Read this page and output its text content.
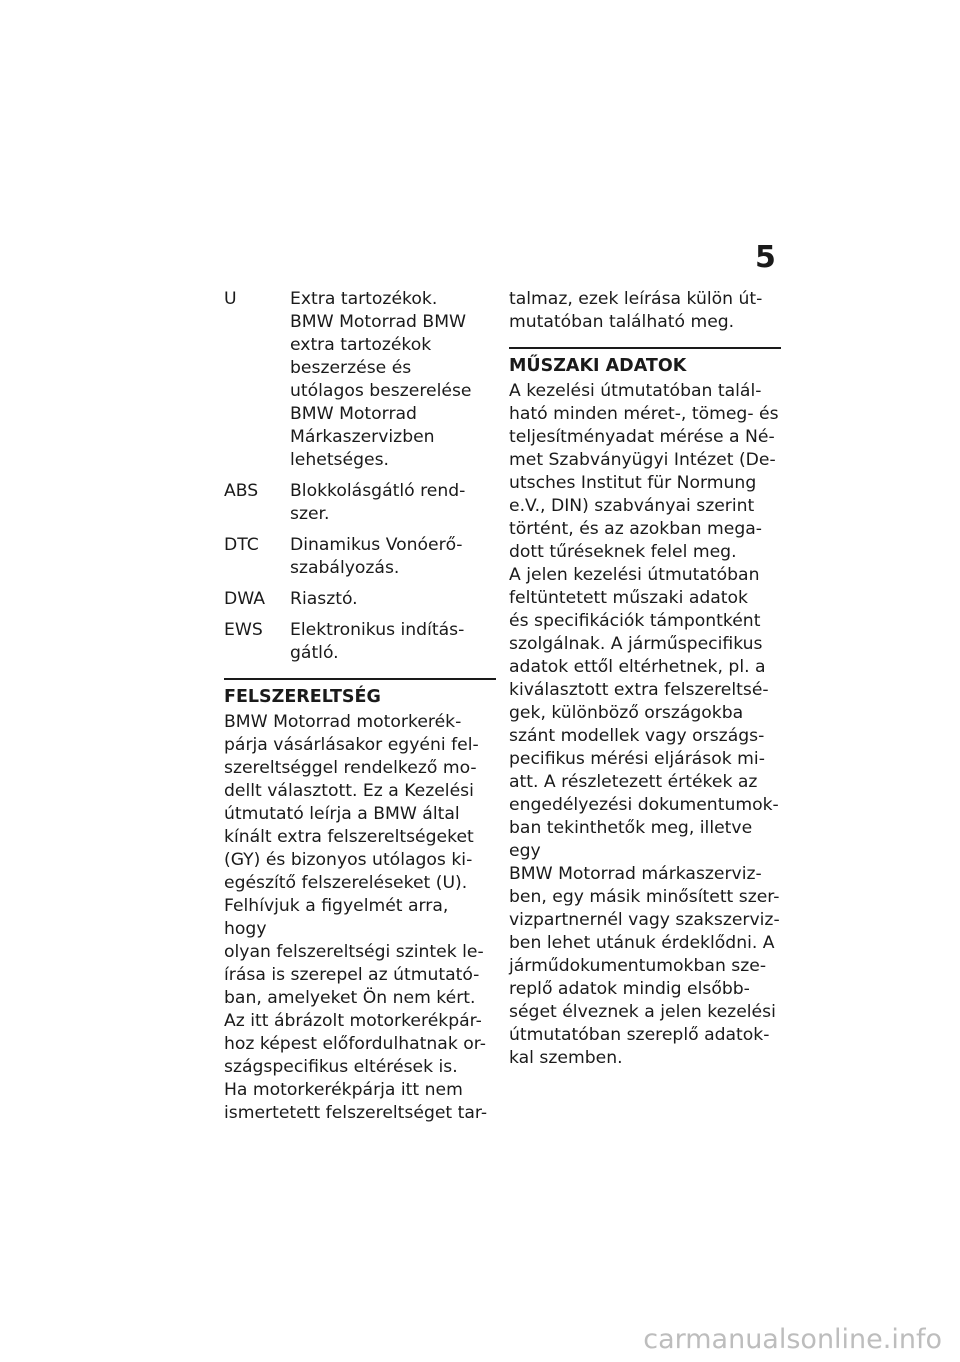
5
U	Extra tartozékok.
BMW Motorrad BMW
extra tartozékok
beszerzése és
utólagos beszerelése
BMW Motorrad
Márkaszervizben
lehetséges.
ABS	Blokkolásgátló rend-
szer.
DTC	Dinamikus Vonóerő-
szabályozás.
DWA	Riasztó.
EWS	Elektronikus indítás-
gátló.
FELSZERELTSÉG

BMW Motorrad motorkerék-
párja vásárlásakor egyéni fel-
szereltséggel rendelkező mo-
dellt választott. Ez a Kezelési
útmutató leírja a BMW által
kínált extra felszereltségeket
(GY) és bizonyos utólagos ki-
egészítő felszereléseket (U).
Felhívjuk a figyelmét arra, hogy
olyan felszereltségi szintek le-
írása is szerepel az útmutató-
ban, amelyeket Ön nem kért.
Az itt ábrázolt motorkerékpár-
hoz képest előfordulhatnak or-
szágspecifikus eltérések is.

Ha motorkerékpárja itt nem
ismertetett felszereltséget tar-

talmaz, ezek leírása külön út-
mutatóban található meg.

MŰSZAKI ADATOK

A kezelési útmutatóban talál-
ható minden méret-, tömeg- és
teljesítményadat mérése a Né-
met Szabványügyi Intézet (De-
utsches Institut für Normung
e.V., DIN) szabványai szerint
történt, és az azokban mega-
dott tűréseknek felel meg.

A jelen kezelési útmutatóban
feltüntetett műszaki adatok
és specifikációk támpontként
szolgálnak. A járműspecifikus
adatok ettől eltérhetnek, pl. a
kiválasztott extra felszereltsé-
gek, különböző országokba
szánt modellek vagy országs-
pecifikus mérési eljárások mi-
att. A részletezett értékek az
engedélyezési dokumentumok-
ban tekinthetők meg, illetve egy
BMW Motorrad márkaszerviz-
ben, egy másik minősített szer-
vizpartnernél vagy szakszerviz-
ben lehet utánuk érdeklődni. A
járműdokumentumokban sze-
replő adatok mindig elsőbb-
séget élveznek a jelen kezelési
útmutatóban szereplő adatok-
kal szemben.

carmanualsonline.info
